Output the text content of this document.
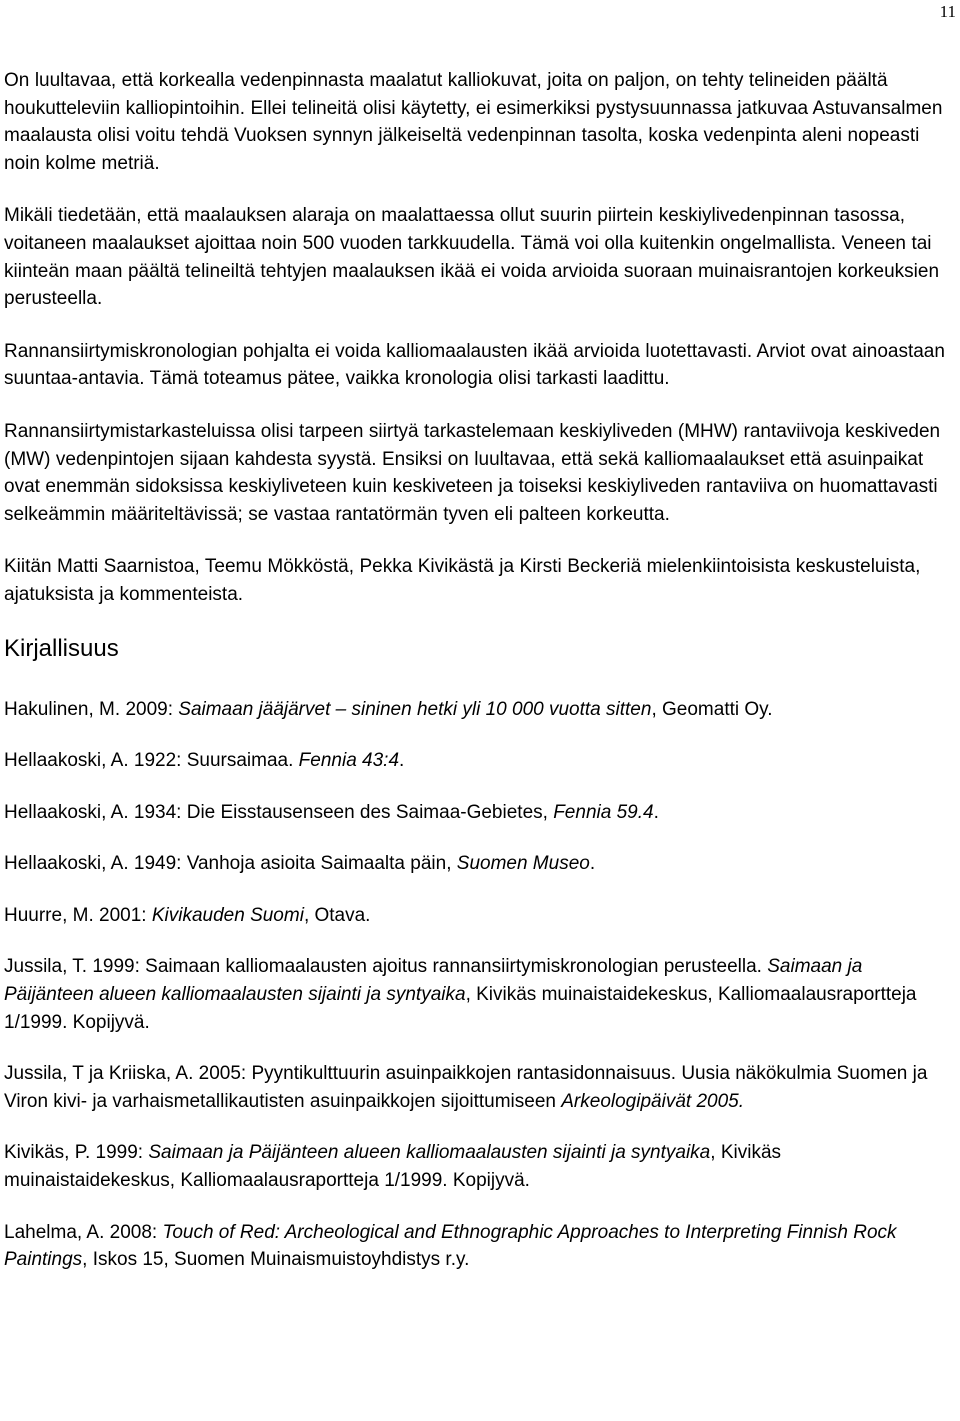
11

On luultavaa, että korkealla vedenpinnasta maalatut kalliokuvat, joita on paljon, on tehty telineiden päältä houkutteleviin kalliopintoihin. Ellei telineitä olisi käytetty, ei esimerkiksi pystysuunnassa jatkuvaa Astuvansalmen maalausta olisi voitu tehdä Vuoksen synnyn jälkeiseltä vedenpinnan tasolta, koska vedenpinta aleni nopeasti noin kolme metriä.

Mikäli tiedetään, että maalauksen alaraja on maalattaessa ollut suurin piirtein keskiylivedenpinnan tasossa, voitaneen maalaukset ajoittaa noin 500 vuoden tarkkuudella. Tämä voi olla kuitenkin ongelmallista. Veneen tai kiinteän maan päältä telineiltä tehtyjen maalauksen ikää ei voida arvioida suoraan muinaisrantojen korkeuksien perusteella.

Rannansiirtymiskronologian pohjalta ei voida kalliomaalausten ikää arvioida luotettavasti. Arviot ovat ainoastaan suuntaa-antavia. Tämä toteamus pätee, vaikka kronologia olisi tarkasti laadittu.

Rannansiirtymistarkasteluissa olisi tarpeen siirtyä tarkastelemaan keskiyliveden (MHW) rantaviivoja keskiveden (MW) vedenpintojen sijaan kahdesta syystä. Ensiksi on luultavaa, että sekä kalliomaalaukset että asuinpaikat ovat enemmän sidoksissa keskiyliveteen kuin keskiveteen ja toiseksi keskiyliveden rantaviiva on huomattavasti selkeämmin määriteltävissä; se vastaa rantatörmän tyven eli palteen korkeutta.

Kiitän Matti Saarnistoa, Teemu Mökköstä, Pekka Kivikästä ja Kirsti Beckeriä mielenkiintoisista keskusteluista, ajatuksista ja kommenteista.

Kirjallisuus

Hakulinen, M. 2009: Saimaan jääjärvet – sininen hetki yli 10 000 vuotta sitten, Geomatti Oy.

Hellaakoski, A. 1922: Suursaimaa. Fennia 43:4.

Hellaakoski, A. 1934: Die Eisstausenseen des Saimaa-Gebietes, Fennia 59.4.

Hellaakoski, A. 1949: Vanhoja asioita Saimaalta päin, Suomen Museo.

Huurre, M. 2001: Kivikauden Suomi, Otava.

Jussila, T. 1999: Saimaan kalliomaalausten ajoitus rannansiirtymiskronologian perusteella. Saimaan ja Päijänteen alueen kalliomaalausten sijainti ja syntyaika, Kivikäs muinaistaidekeskus, Kalliomaalausraportteja 1/1999. Kopijyvä.

Jussila, T ja Kriiska, A. 2005: Pyyntikulttuurin asuinpaikkojen rantasidonnaisuus. Uusia näkökulmia Suomen ja Viron kivi- ja varhaismetallikautisten asuinpaikkojen sijoittumiseen Arkeologipäivät 2005.

Kivikäs, P. 1999: Saimaan ja Päijänteen alueen kalliomaalausten sijainti ja syntyaika, Kivikäs muinaistaidekeskus, Kalliomaalausraportteja 1/1999. Kopijyvä.

Lahelma, A. 2008: Touch of Red: Archeological and Ethnographic Approaches to Interpreting Finnish Rock Paintings, Iskos 15, Suomen Muinaismuistoyhdistys r.y.
